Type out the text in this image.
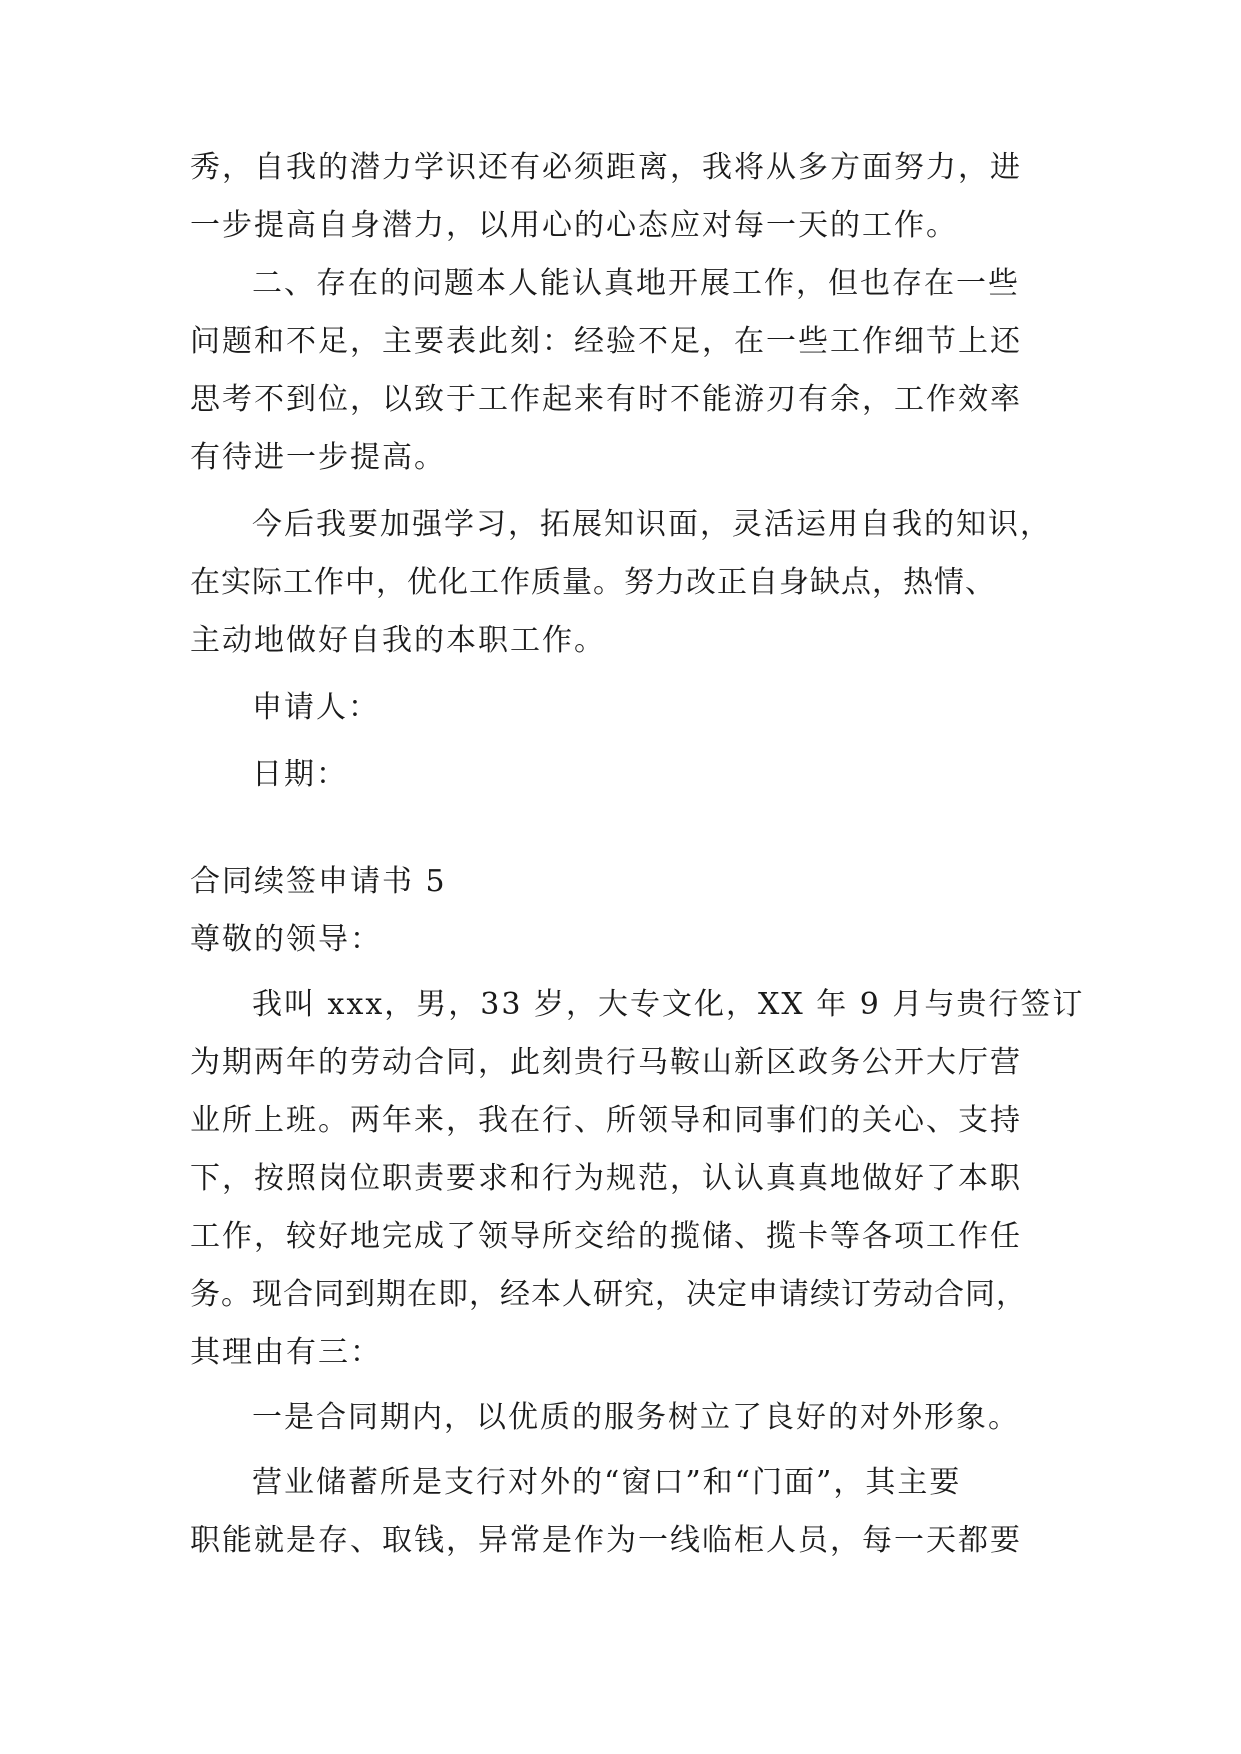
秀，自我的潜力学识还有必须距离，我将从多方面努力，进
一步提高自身潜力，以用心的心态应对每一天的工作。
二、存在的问题本人能认真地开展工作，但也存在一些
问题和不足，主要表此刻：经验不足，在一些工作细节上还
思考不到位，以致于工作起来有时不能游刃有余，工作效率
有待进一步提高。
今后我要加强学习，拓展知识面，灵活运用自我的知识，
在实际工作中，优化工作质量。努力改正自身缺点，热情、
主动地做好自我的本职工作。
申请人：
日期：
合同续签申请书 5
尊敬的领导：
我叫 xxx，男，33 岁，大专文化，XX 年 9 月与贵行签订
为期两年的劳动合同，此刻贵行马鞍山新区政务公开大厅营
业所上班。两年来，我在行、所领导和同事们的关心、支持
下，按照岗位职责要求和行为规范，认认真真地做好了本职
工作，较好地完成了领导所交给的揽储、揽卡等各项工作任
务。现合同到期在即，经本人研究，决定申请续订劳动合同，
其理由有三：
一是合同期内，以优质的服务树立了良好的对外形象。
营业储蓄所是支行对外的“窗口”和“门面”，其主要
职能就是存、取钱，异常是作为一线临柜人员，每一天都要
